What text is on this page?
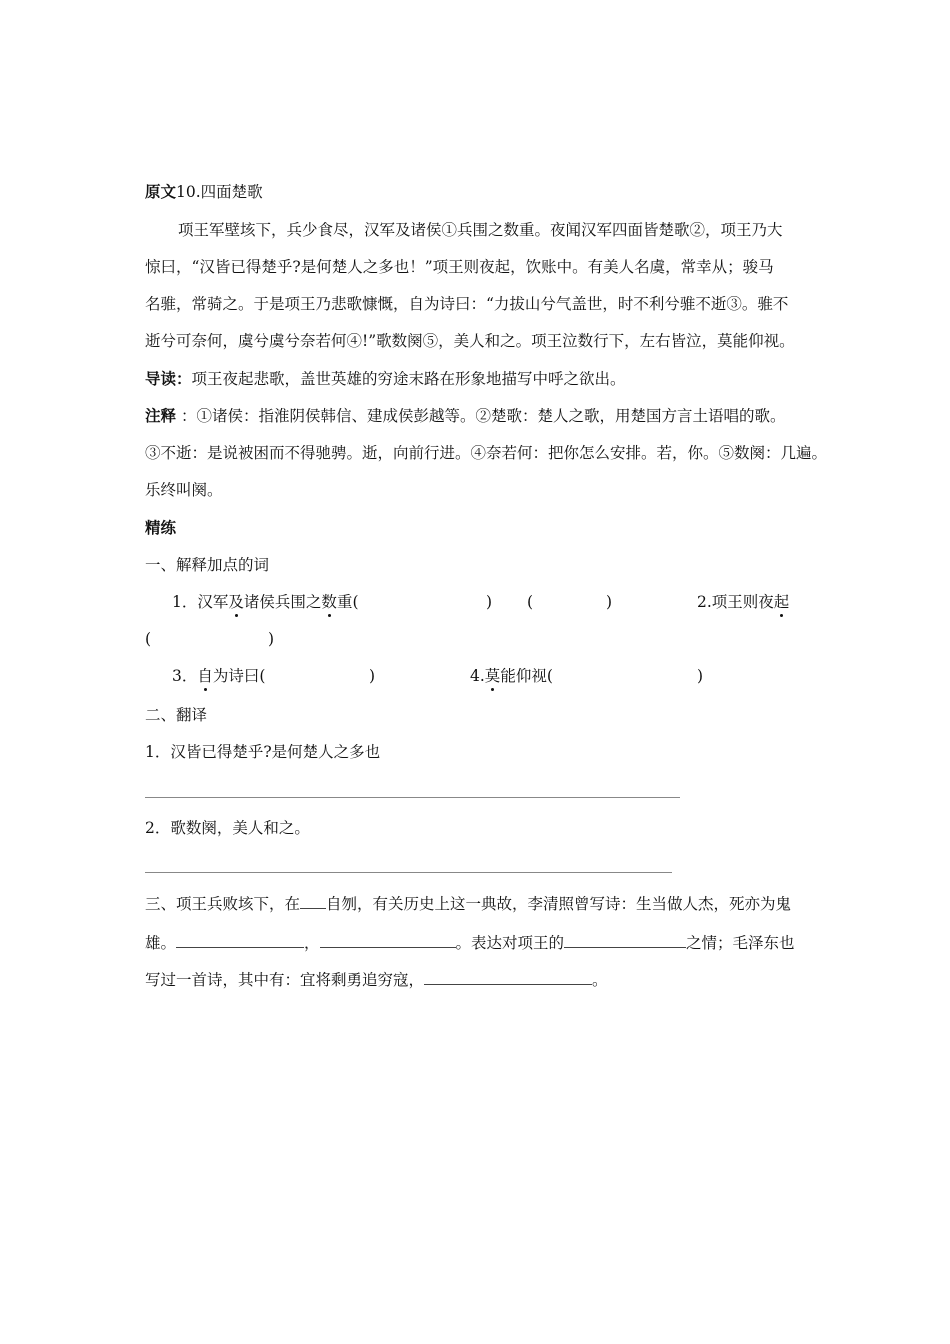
原文10.四面楚歌
项王军壁垓下，兵少食尽，汉军及诸侯①兵围之数重。夜闻汉军四面皆楚歌②，项王乃大
惊曰，“汉皆已得楚乎?是何楚人之多也！”项王则夜起，饮账中。有美人名虞，常幸从；骏马
名骓，常骑之。于是项王乃悲歌慷慨，自为诗曰：“力拔山兮气盖世，时不利兮骓不逝③。骓不
逝兮可奈何，虞兮虞兮奈若何④!”歌数阕⑤，美人和之。项王泣数行下，左右皆泣，莫能仰视。
导读：项王夜起悲歌，盖世英雄的穷途末路在形象地描写中呼之欲出。
注释 ：①诸侯：指淮阴侯韩信、建成侯彭越等。②楚歌：楚人之歌，用楚国方言土语唱的歌。
③不逝：是说被困而不得驰骋。逝，向前行进。④奈若何：把你怎么安排。若，你。⑤数阕：几遍。
乐终叫阕。
精练
一、解释加点的词
1．汉军及诸侯兵围之数重(	) (	)	2.项王则夜起
(	)
3．自为诗曰(	)	4.莫能仰视(	)
二、翻译
1．汉皆已得楚乎?是何楚人之多也
2．歌数阕，美人和之。
三、项王兵败垓下，在 自刎，有关历史上这一典故，李清照曾写诗：生当做人杰，死亦为鬼
雄。	，	。表达对项王的	之情；毛泽东也
写过一首诗，其中有：宜将剩勇追穷寇，	。
